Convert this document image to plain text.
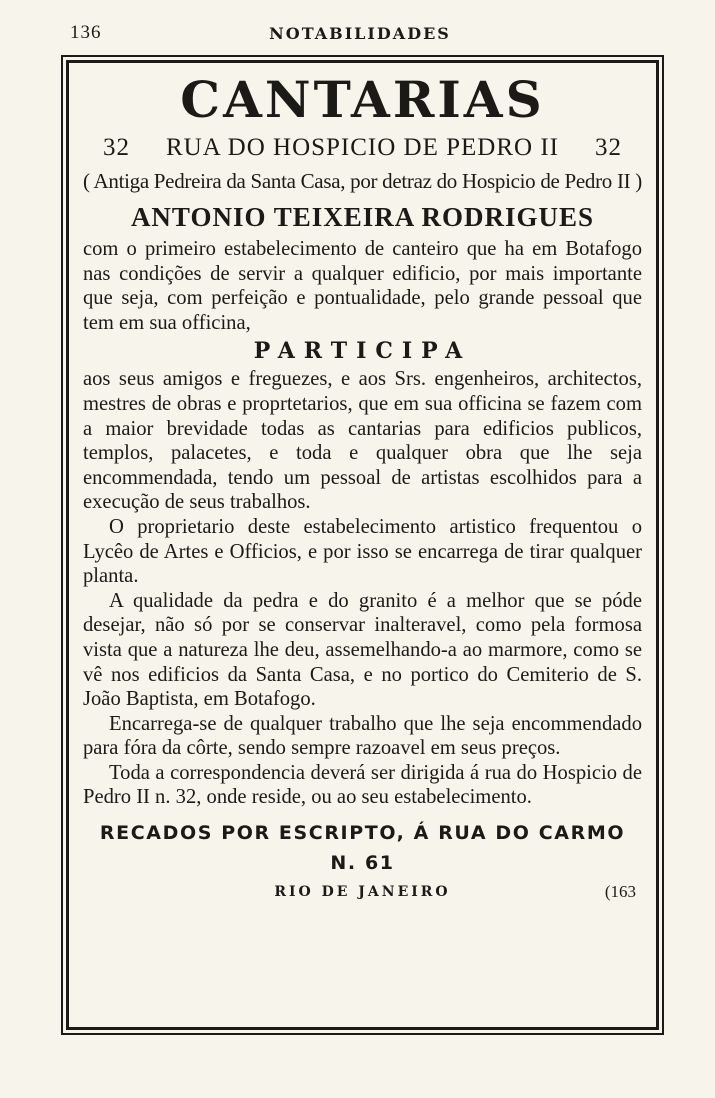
136	NOTABILIDADES
CANTARIAS
32 RUA DO HOSPICIO DE PEDRO II 32
( Antiga Pedreira da Santa Casa, por detraz do Hospicio de Pedro II )
ANTONIO TEIXEIRA RODRIGUES

com o primeiro estabelecimento de canteiro que ha em Botafogo nas condições de servir a qualquer edificio, por mais importante que seja, com perfeição e pontualidade, pelo grande pessoal que tem em sua officina,

PARTICIPA

aos seus amigos e freguezes, e aos Srs. engenheiros, architectos, mestres de obras e proprtetarios, que em sua officina se fazem com a maior brevidade todas as cantarias para edificios publicos, templos, palacetes, e toda e qualquer obra que lhe seja encommendada, tendo um pessoal de artistas escolhidos para a execução de seus trabalhos.

O proprietario deste estabelecimento artistico frequentou o Lycêo de Artes e Officios, e por isso se encarrega de tirar qualquer planta.

A qualidade da pedra e do granito é a melhor que se póde desejar, não só por se conservar inalteravel, como pela formosa vista que a natureza lhe deu, assemelhando-a ao marmore, como se vê nos edificios da Santa Casa, e no portico do Cemiterio de S. João Baptista, em Botafogo.

Encarrega-se de qualquer trabalho que lhe seja encommendado para fóra da côrte, sendo sempre razoavel em seus preços.

Toda a correspondencia deverá ser dirigida á rua do Hospicio de Pedro II n. 32, onde reside, ou ao seu estabelecimento.

RECADOS POR ESCRIPTO, Á RUA DO CARMO N. 61
RIO DE JANEIRO	(163
